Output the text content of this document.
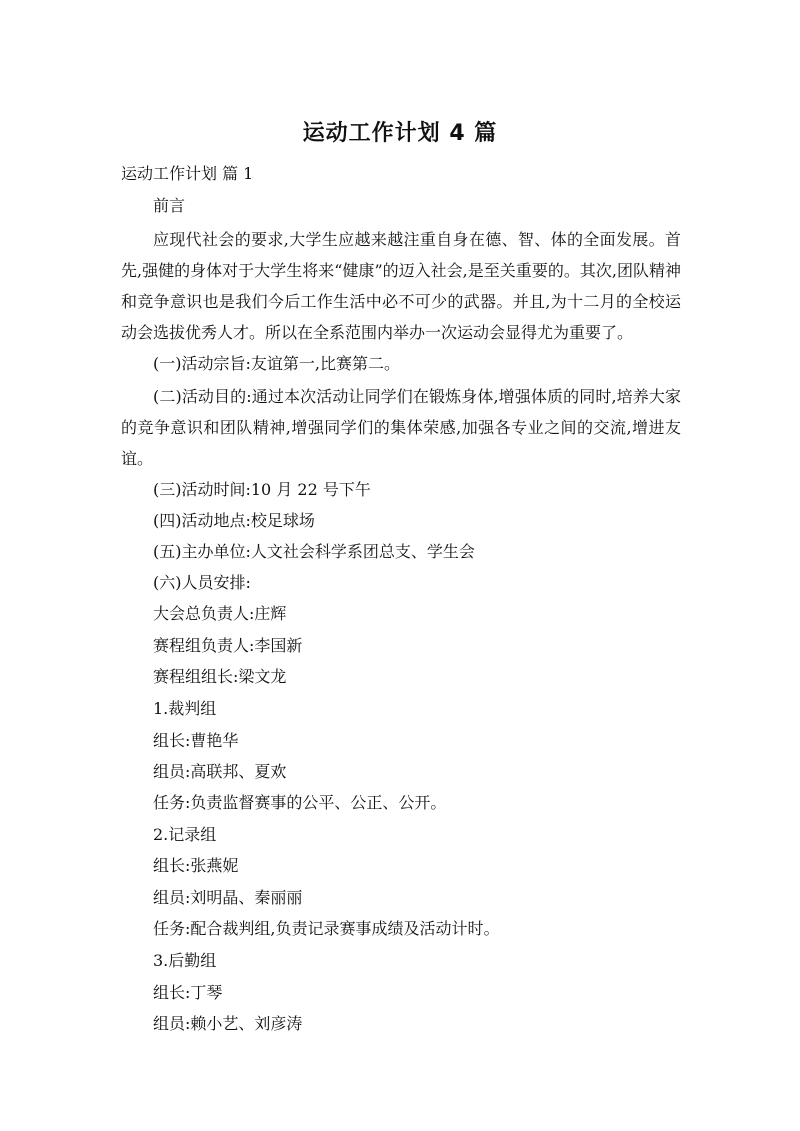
运动工作计划 4 篇
运动工作计划 篇 1
前言
应现代社会的要求,大学生应越来越注重自身在德、智、体的全面发展。首先,强健的身体对于大学生将来“健康”的迈入社会,是至关重要的。其次,团队精神和竞争意识也是我们今后工作生活中必不可少的武器。并且,为十二月的全校运动会选拔优秀人才。所以在全系范围内举办一次运动会显得尤为重要了。
(一)活动宗旨:友谊第一,比赛第二。
(二)活动目的:通过本次活动让同学们在锻炼身体,增强体质的同时,培养大家的竞争意识和团队精神,增强同学们的集体荣感,加强各专业之间的交流,增进友谊。
(三)活动时间:10 月 22 号下午
(四)活动地点:校足球场
(五)主办单位:人文社会科学系团总支、学生会
(六)人员安排:
大会总负责人:庄辉
赛程组负责人:李国新
赛程组组长:梁文龙
1.裁判组
组长:曹艳华
组员:高联邦、夏欢
任务:负责监督赛事的公平、公正、公开。
2.记录组
组长:张燕妮
组员:刘明晶、秦丽丽
任务:配合裁判组,负责记录赛事成绩及活动计时。
3.后勤组
组长:丁琴
组员:赖小艺、刘彦涛
